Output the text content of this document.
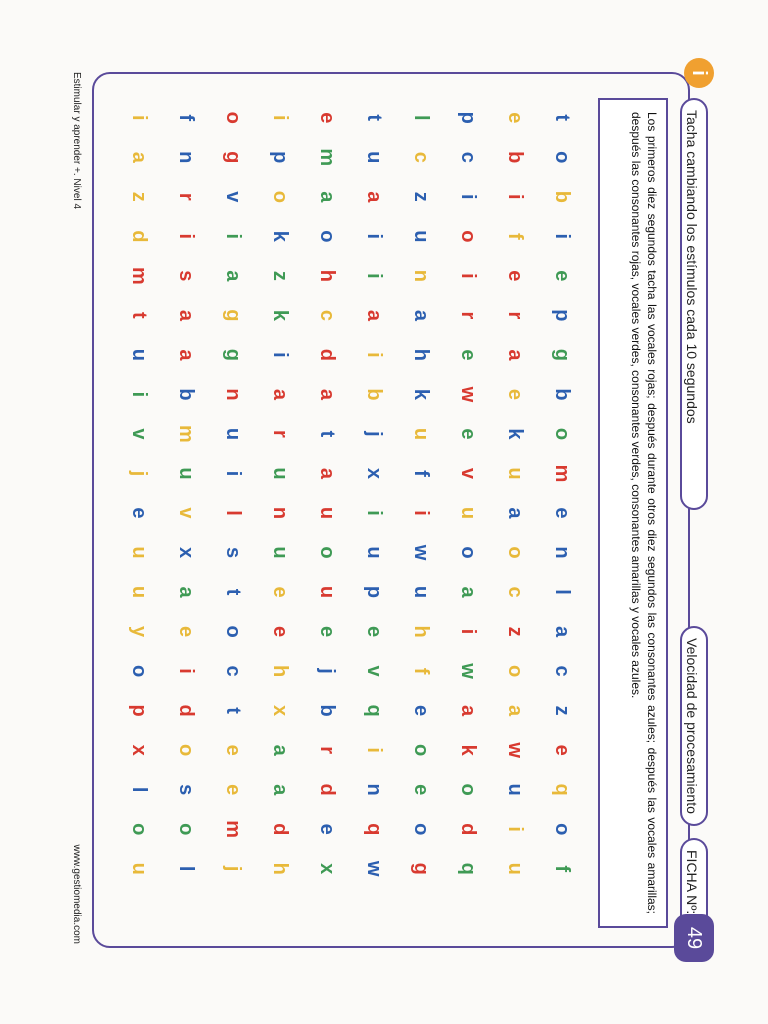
i
Tacha cambiando los estímulos cada 10 segundos
Velocidad de procesamiento
FICHA Nº:
49
Los primeros diez segundos tacha las vocales rojas; después durante otros diez segundos las consonantes azules; después las vocales amarillas; después las consonantes rojas, vocales verdes, consonantes verdes, consonantes amarillas y vocales azules.
t
o
b
i
e
p
g
b
o
m
e
n
l
a
c
z
e
q
o
f
e
b
i
f
e
r
a
e
k
u
a
o
c
z
o
a
w
u
i
u
p
c
i
o
i
r
e
w
e
v
u
o
a
i
w
a
k
o
d
q
l
c
z
u
n
a
h
k
u
f
i
w
u
h
f
e
o
e
o
g
t
u
a
i
i
a
i
b
j
x
i
u
p
e
v
q
i
n
q
w
e
m
a
o
h
c
d
a
t
a
u
o
u
e
j
b
r
d
e
x
i
p
o
k
z
k
i
a
r
u
n
u
e
e
h
x
a
a
d
h
o
g
v
i
a
g
g
n
u
i
l
s
t
o
c
t
e
e
m
j
f
n
r
i
s
a
a
b
m
u
v
x
a
e
i
d
o
s
o
l
i
a
z
d
m
t
u
i
v
j
e
u
u
y
o
p
x
l
o
u
Estimular y aprender +. Nivel 4
www.gestiomedia.com
